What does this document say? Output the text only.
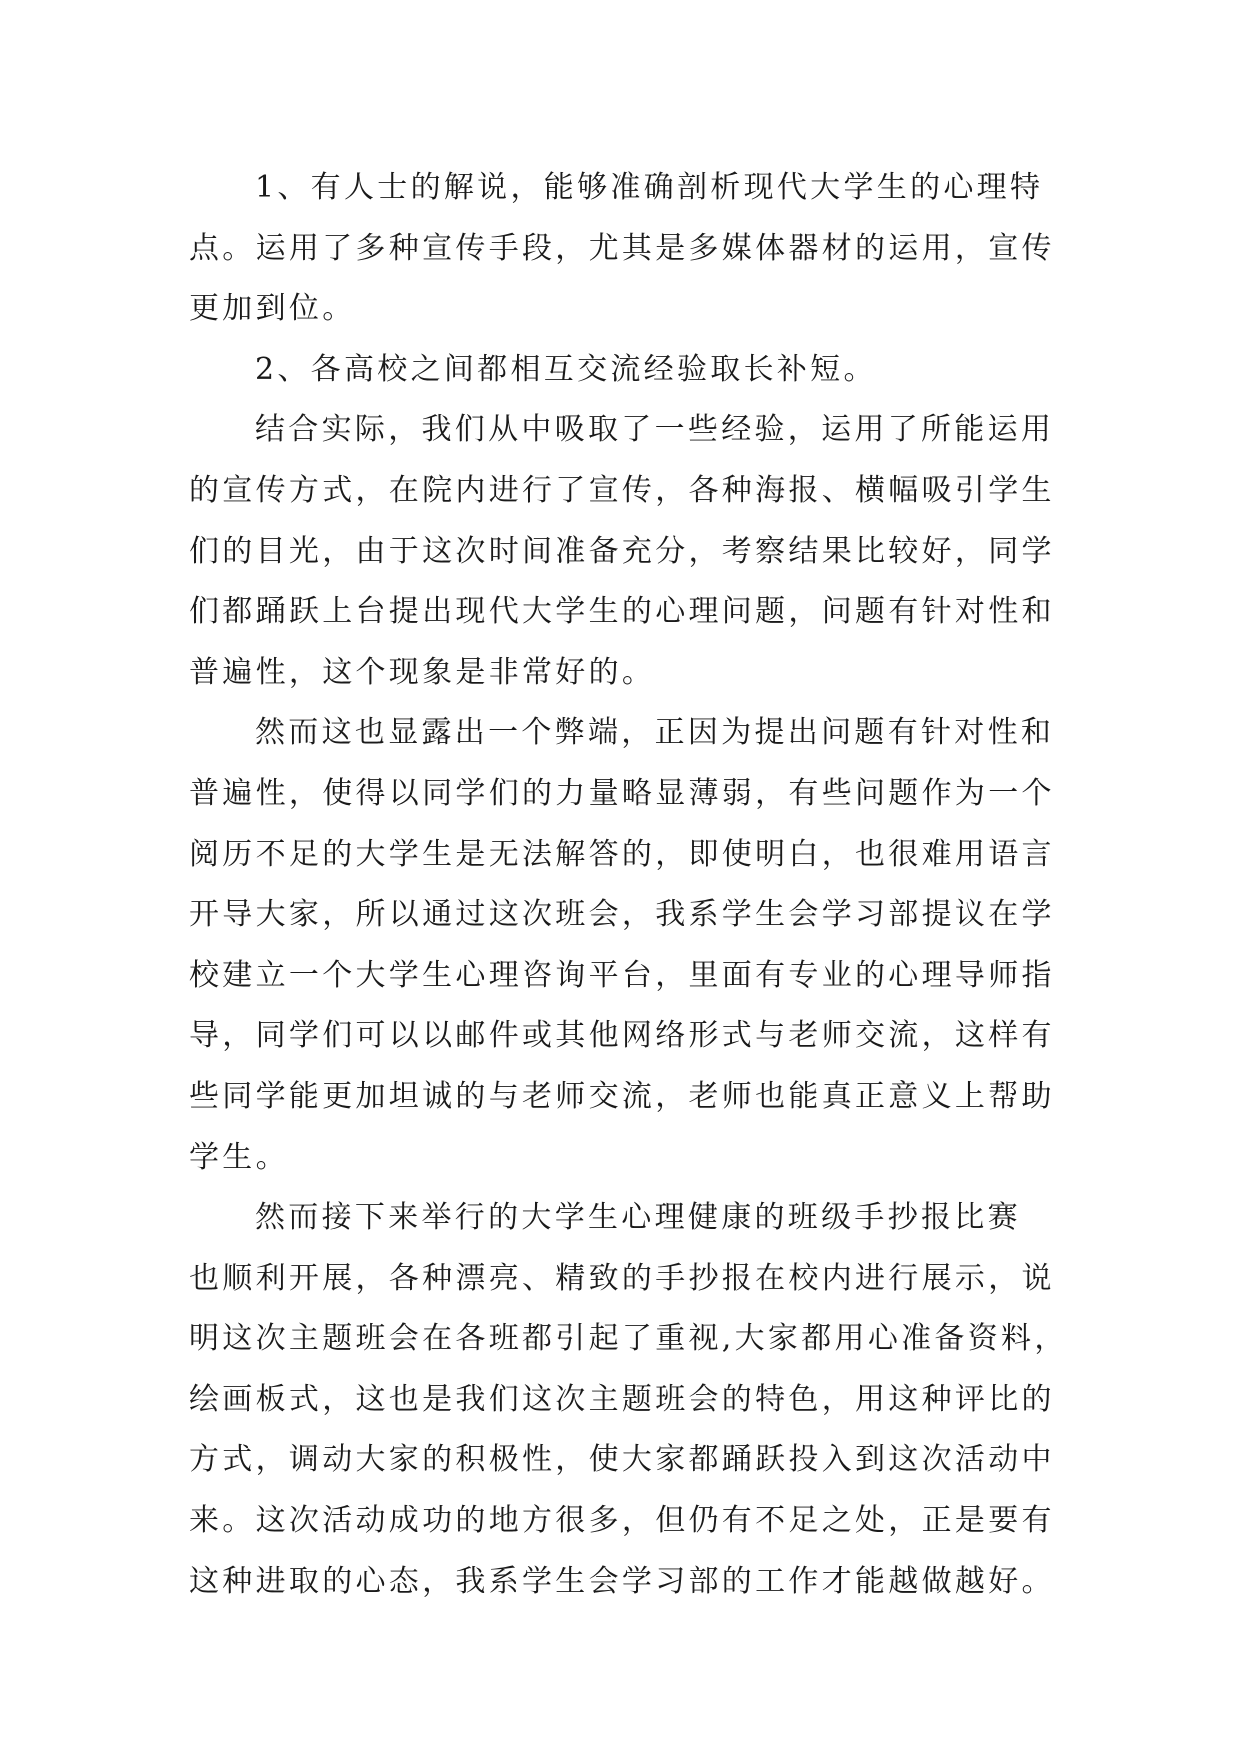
1、有人士的解说，能够准确剖析现代大学生的心理特
点。运用了多种宣传手段，尤其是多媒体器材的运用，宣传
更加到位。
2、各高校之间都相互交流经验取长补短。
结合实际，我们从中吸取了一些经验，运用了所能运用
的宣传方式，在院内进行了宣传，各种海报、横幅吸引学生
们的目光，由于这次时间准备充分，考察结果比较好，同学
们都踊跃上台提出现代大学生的心理问题，问题有针对性和
普遍性，这个现象是非常好的。
然而这也显露出一个弊端，正因为提出问题有针对性和
普遍性，使得以同学们的力量略显薄弱，有些问题作为一个
阅历不足的大学生是无法解答的，即使明白，也很难用语言
开导大家，所以通过这次班会，我系学生会学习部提议在学
校建立一个大学生心理咨询平台，里面有专业的心理导师指
导，同学们可以以邮件或其他网络形式与老师交流，这样有
些同学能更加坦诚的与老师交流，老师也能真正意义上帮助
学生。
然而接下来举行的大学生心理健康的班级手抄报比赛
也顺利开展，各种漂亮、精致的手抄报在校内进行展示，说
明这次主题班会在各班都引起了重视,大家都用心准备资料，
绘画板式，这也是我们这次主题班会的特色，用这种评比的
方式，调动大家的积极性，使大家都踊跃投入到这次活动中
来。这次活动成功的地方很多，但仍有不足之处，正是要有
这种进取的心态，我系学生会学习部的工作才能越做越好。
